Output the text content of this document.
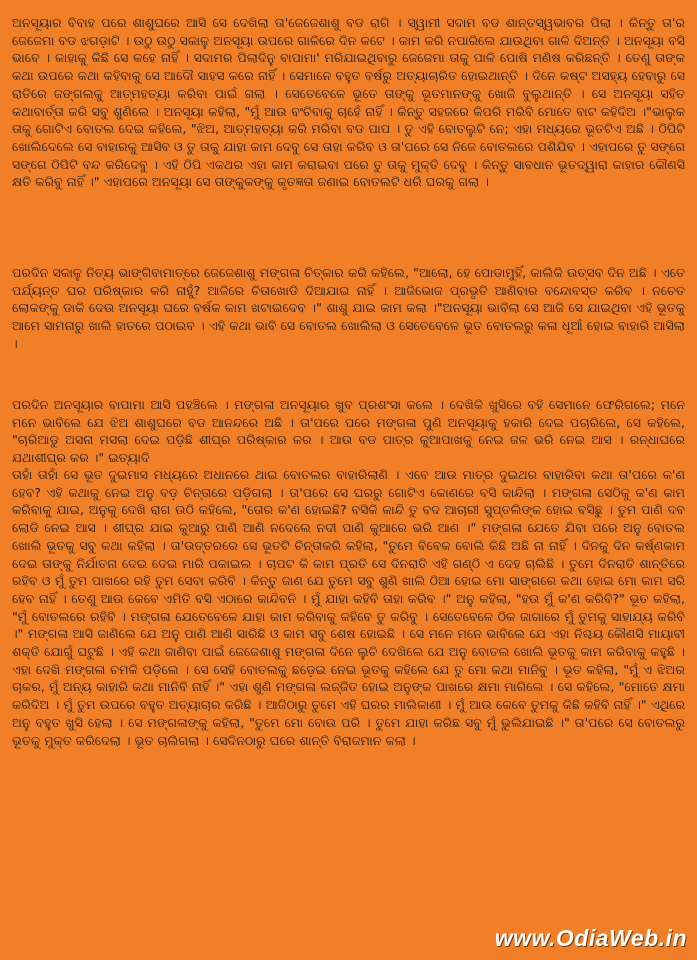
ଅନସୂୟାର ବିବାହ ପରେ ଶାଶୁଘରେ ଆସି ସେ ଦେଖିଲା ତା'ଜେଜେଶାଶୁ ବଡ ରାଗି । ସ୍ୱାମୀ ସଦାମ ବଡ ଶାନ୍ତସ୍ୱଭାବର ପିଲା । କିନ୍ତୁ ତା'ର ଜେଜେମା ବଡ ଝଗଡ଼ାଟି । ଉଠୁ ଉଠୁ ସକାଳୁ ଅନସୂୟା ଉପରେ ଗାଳିରେ ଦିନ କଟେ । କାମ କରି ନପାରିଲେ ଯାଉଥିବା ଗାଳି ଦିଅନ୍ତି । ଅନସୂୟା ବସି ଭାବେ । କାହାକୁ କିଛି ସେ କହେ ନାହିଁ । ସଦାମର ପିଲାଦିନୁ ବାପାମା' ମରିଯାଇଥିବାରୁ ଜେଜେମା ତାକୁ ପାଳି ପୋଷି ମଣିଷ କରିଛନ୍ତି । ତେଣୁ ତାଙ୍କ କଥା ଉପରେ କଥା କହିବାକୁ ସେ ଆଦୌ ସାହସ କରେ ନାହିଁ । ସେମାନେ ବହୁତ ବର୍ଷରୁ ଅତ୍ୟାଚାରିତ ହୋଇଥାନ୍ତି । ଦିନେ କଷ୍ଟ ଅସହ୍ୟ ହେବାରୁ ସେ ରାତିରେ ଜଙ୍ଗଲକୁ ଆତ୍ମହତ୍ୟା କରିବା ପାଇଁ ଗଲା । ସେତେବେଳେ ଭୂତେ ତାଙ୍କୁ ଭୂତମାନଙ୍କୁ ଖୋଜି ବୁଲୁଥାନ୍ତି । ସେ ଅନସୂୟା ସହିତ କଥାବାର୍ତ୍ତା କରି ସବୁ ଶୁଣିଲେ । ଅନସୂୟା କହିଲା, "ମୁଁ ଆଉ ବଂଚିବାକୁ ଚାହେଁ ନାହିଁ । କିନ୍ତୁ ସହଜରେ କିପରି ମରିବି ମୋତେ ବାଟ କହିଦିଅ ।"ଭାଲୁକ ତାକୁ ଗୋଟିଏ ବୋତଲ ଦେଇ କହିଲେ, "ଝିଅ, ଆତ୍ମହତ୍ୟା କରି ମରିବା ବଡ ପାପ । ତୁ ଏହି ବୋତଲୁଟି ନେ; ଏହା ମଧ୍ୟରେ ଭୂତଟିଏ ଅଛି । ଠିପିଟି ଖୋଲିଦେଲେ ସେ ବାହାରକୁ ଆସିବ ଓ ତୁ ତାକୁ ଯାହା କାମ ଦେବୁ ସେ ତାହା କରିବ ଓ ତା'ପରେ ସେ ନିଜେ ବୋତଲରେ ପଶିଯିବ । ଏହାପରେ ତୁ ସଙ୍ଗେ ସଙ୍ଗେ ଠିପିଟି ବନ୍ଦ କରିଦେବୁ । ଏହି ଠିପି ଏକଥର ଏହା କାମ କରାଇବା ପରେ ତୁ ତାକୁ ମୁକ୍ତି ଦେବୁ । କିନ୍ତୁ ସାବଧାନ ଭୂତଦ୍ୱାରା କାହାର କୌଣସି କ୍ଷତି କରିବୁ ନାହିଁ ।" ଏହାପରେ ଅନସୂୟା ସେ ତାଙ୍କୁକଙ୍କୁ କୃତଜ୍ଞତା ଜଣାଇ ବୋତଲଟି ଧରି ଘରକୁ ଗଲା ।

ପରଦିନ ସକାଳୁ ନିତ୍ୟ ଭାଙ୍ଗିବାମାତ୍ରେ ଜେଜେଶାଶୁ ମଙ୍ଗଳା ଚିତ୍କାର କରି କହିଲେ, "ଆଲୋ, ହେ ପୋଡାମୁହିଁ, କାଲିକି ଉତ୍ସବ ଦିନ ଅଛି । ଏତେ ପର୍ଯ୍ୟନ୍ତ ଘର ପରିଷ୍କାର କରି ନାହୁଁ? ଆଜିରେ ଚିତାଖୋଡି ଦିଆଯାଇ ନାହିଁ । ଆଜିଭୋଜ ପ୍ରଭୃତି ଆଣିବାର ବନ୍ଦୋବସ୍ତ କରିବ । ନଚେତ ଲୋକଙ୍କୁ ଡାକି ଦେଉ ଅନସୂୟା ଘରେ ବର୍ଷକ କାମ ଖଟାଇଦେବ ।" ଶାଶୁ ଯାଇ କାମ କଲା ।"ଅନସୂୟା ଭାବିଲା ସେ ଆଜି ସେ ଯାଇଥିବା ଏହି ଭୂତକୁ ଆମେ ସାମନାରୁ ଖାଲି ହାତରେ ପଠାଇବ । ଏହି କଥା ଭାବି ସେ ବୋତଲ ଖୋଲିଲା ଓ ସେତେବେଳେ ଭୂତ ବୋତଲରୁ କଳା ଧୂଆଁ ହୋଇ ବାହାରି ଆସିଲା ।

ପରଦିନ ଅନସୂୟାର ବାପାମା ଆସି ପହଞ୍ଚିଲେ । ମଙ୍ଗଳା ଅନସୂୟାର ଖୁବ ପ୍ରଶଂସା କଲେ । ଦେଖିକି ଖୁସିରେ ବହି ସେମାନେ ଫେରିଗଲେ; ମନେ ମନେ ଭାବିଲେ ଯେ ଝିଅ ଶାଶୁଘରେ ବଡ ଆନନ୍ଦରେ ଅଛି । ତା'ପରେ ପରେ ମଙ୍ଗଳା ପୁଣି ଅନସୂୟାକୁ ହକାରି ଦେଇ ପଚାରିଲେ, ସେ କହିଲେ, "ଚାରିଆଡୁ ଅସନା ମସଲା ଦେଇ ପଡ଼ିଛି ଶୀଘ୍ର ପରିଷ୍କାର କର । ଆଉ ବଡ ପାତ୍ର କୁଆପାଖକୁ ନେଇ ଜଳ ଭରି ନେଇ ଆସ । ରନ୍ଧାଘରେ ଯଥାଶୀଘ୍ର କର ।" ଇତ୍ୟାଦି

ତାହାଁ ତାହାଁ ସେ ଭୂତ ଦୁଇମାସ ମଧ୍ୟରେ ଅଧାନରେ ଥାଇ ବୋତଲର ବାହାରିଲାଣି । ଏବେ ଆଉ ମାତ୍ର ଦୁଇଥର ବାହାରିବା କଥା ତା'ପରେ କ'ଣ ହେବ? ଏହି କଥାକୁ ନେଇ ଅନୁ ବଡ଼ ଚିନ୍ତାରେ ପଡ଼ିଗଲା । ତା'ପରେ ସେ ଘରରୁ ଗୋଟିଏ କୋଣରେ ବସି କାନ୍ଦିଲା । ମଙ୍ଗଳା ସେଠିକୁ କ'ଣ କାମ କରିବାକୁ ଯାଇ, ଅନୁକୁ ଦେଖି ରାଗ ଉଠି କହିଲେ, "ତୋର କ'ଣ ହୋଇଛି? ବସିକି କାନ୍ଦି ତୁ ବଦ ଆଚାରୀ ସୁପ୍ତଲିଙ୍କ ହୋଇ ବସିଛୁ । ତୁମ ପାଣି ଦବ ଲୋଡି ନେଇ ଆସ । ଶୀଘ୍ର ଯାଇ କୁଆରୁ ପାଣି ଆଣି ନଦେଲେ ନଦୀ ପାଣି କୁଆରେ ଭରି ଆଣ ।" ମଙ୍ଗଳା ଯେତେ ଯିବା ପରେ ଅନୁ ବୋତଲ ଖୋଲି ଭୂତକୁ ସବୁ କଥା କହିଲା । ତା'ଉତ୍ତରରେ ସେ ଭୂତଟି ଚିନ୍ତାକରି କହିଲା, "ତୁମେ ବିବେକ ବୋଲି କିଛି ଅଛି ନା ନାହିଁ । ଦିନକୁ ଦିନ କର୍ଷ୍ଣକାମ ଦେଇ ତାଙ୍କୁ ନିର୍ଯାତନା ଦେଇ ଦେଇ ମାରି ପକାଇଲ । ଚାପଟ କି କାମ ପ୍ରତି ସେ ଦିନରାତି ଏହି ଗଣ୍ଠି ଏ ଦେହ ଚାଲିଛି । ତୁମେ ଦିନରାତି ଶାନ୍ତିରେ ରହିବ ଓ ମୁଁ ତୁମ ପାଖରେ ରହି ତୁମ ସେବା କରିବି । କିନ୍ତୁ ଜାଣ ଯେ ତୁମେ ସବୁ ଶୁଣି ଖାଲି ଠିଆ ହୋଇ ମୋ ସାଙ୍ଗରେ କଥା ହୋଇ ମୋ କାମ ସରି ହେବ ନାହିଁ । ତେଣୁ ଆଉ କେବେ ଏମିତି ବସି ଏଠାରେ କାନ୍ଦିବନି । ମୁଁ ଯାହା କହିବି ତାହା କରିବ ।" ଅନୁ କହିଲା, "ହଉ ମୁଁ କ'ଣ କରିବି?" ଭୂତ କହିଲା, "ମୁଁ ବୋତଲରେ ରହିବି । ମଙ୍ଗଳା ଯେତେବେଳେ ଯାହା କାମ କରିବାକୁ କହିବେ ତୁ କରିବୁ । ସେତେବେଳେ ଠିକ ଜାଗାରେ ମୁଁ ତୁମକୁ ସାହାଯ୍ୟ କରିବି ।" ମଙ୍ଗଳା ଆସି ଜାଣିଲେ ଯେ ଅନୁ ପାଣି ଆଣି ସାରିଛି ଓ କାମ ସବୁ ଶେଷ ହୋଇଛି । ସେ ମନେ ମନେ ଭାବିଲେ ଯେ ଏହା ନିଶ୍ଚୟ କୌଣସି ମାୟାବୀ ଶକ୍ତି ଯୋଗୁଁ ଘଟୁଛି । ଏହି କଥା ଜାଣିବା ପାଇଁ ଜେଜେଶାଶୁ ମଙ୍ଗଳା ଦିନେ ଲୁଚି ଦେଖିଲେ ଯେ ଅନୁ ବୋତଲ ଖୋଲି ଭୂତକୁ କାମ କରିବାକୁ କହୁଛି । ଏହା ଦେଖି ମଙ୍ଗଳା ଚମକି ପଡ଼ିଲେ । ସେ ସେହି ବୋତଲକୁ ଛଡ଼େଇ ନେଇ ଭୂତକୁ କହିଲେ ଯେ ତୁ ମୋ କଥା ମାନିବୁ । ଭୂତ କହିଲା, "ମୁଁ ଏ ଝିଅର ଚାକର, ମୁଁ ଅନ୍ୟ କାହାରି କଥା ମାନିବି ନାହିଁ ।" ଏହା ଶୁଣି ମଙ୍ଗଳା ଲଜ୍ଜିତ ହୋଇ ଅନୁଙ୍କ ପାଖରେ କ୍ଷମା ମାଗିଲେ । ସେ କହିଲେ, "ମୋତେ କ୍ଷମା କରିଦିଅ । ମୁଁ ତୁମ ଉପରେ ବହୁତ ଅତ୍ୟାଚାର କରିଛି । ଆଜିଠାରୁ ତୁମେ ଏହି ଘରର ମାଲିକାଣୀ । ମୁଁ ଆଉ କେବେ ତୁମକୁ କିଛି କହିବି ନାହିଁ ।" ଏଥିରେ ଅନୁ ବହୁତ ଖୁସି ହେଲା । ସେ ମଙ୍ଗଳାଙ୍କୁ କହିଲା, "ତୁମେ ମୋ ବୋଉ ପରି । ତୁମେ ଯାହା କରିଛ ସବୁ ମୁଁ ଭୁଲିଯାଇଛି ।" ତା'ପରେ ସେ ବୋତଲରୁ ଭୂତକୁ ମୁକ୍ତ କରିଦେଲା । ଭୂତ ଚାଲିଗଲା । ସେଦିନଠାରୁ ଘରେ ଶାନ୍ତି ବିରାଜମାନ କଲା ।

www.OdiaWeb.in
